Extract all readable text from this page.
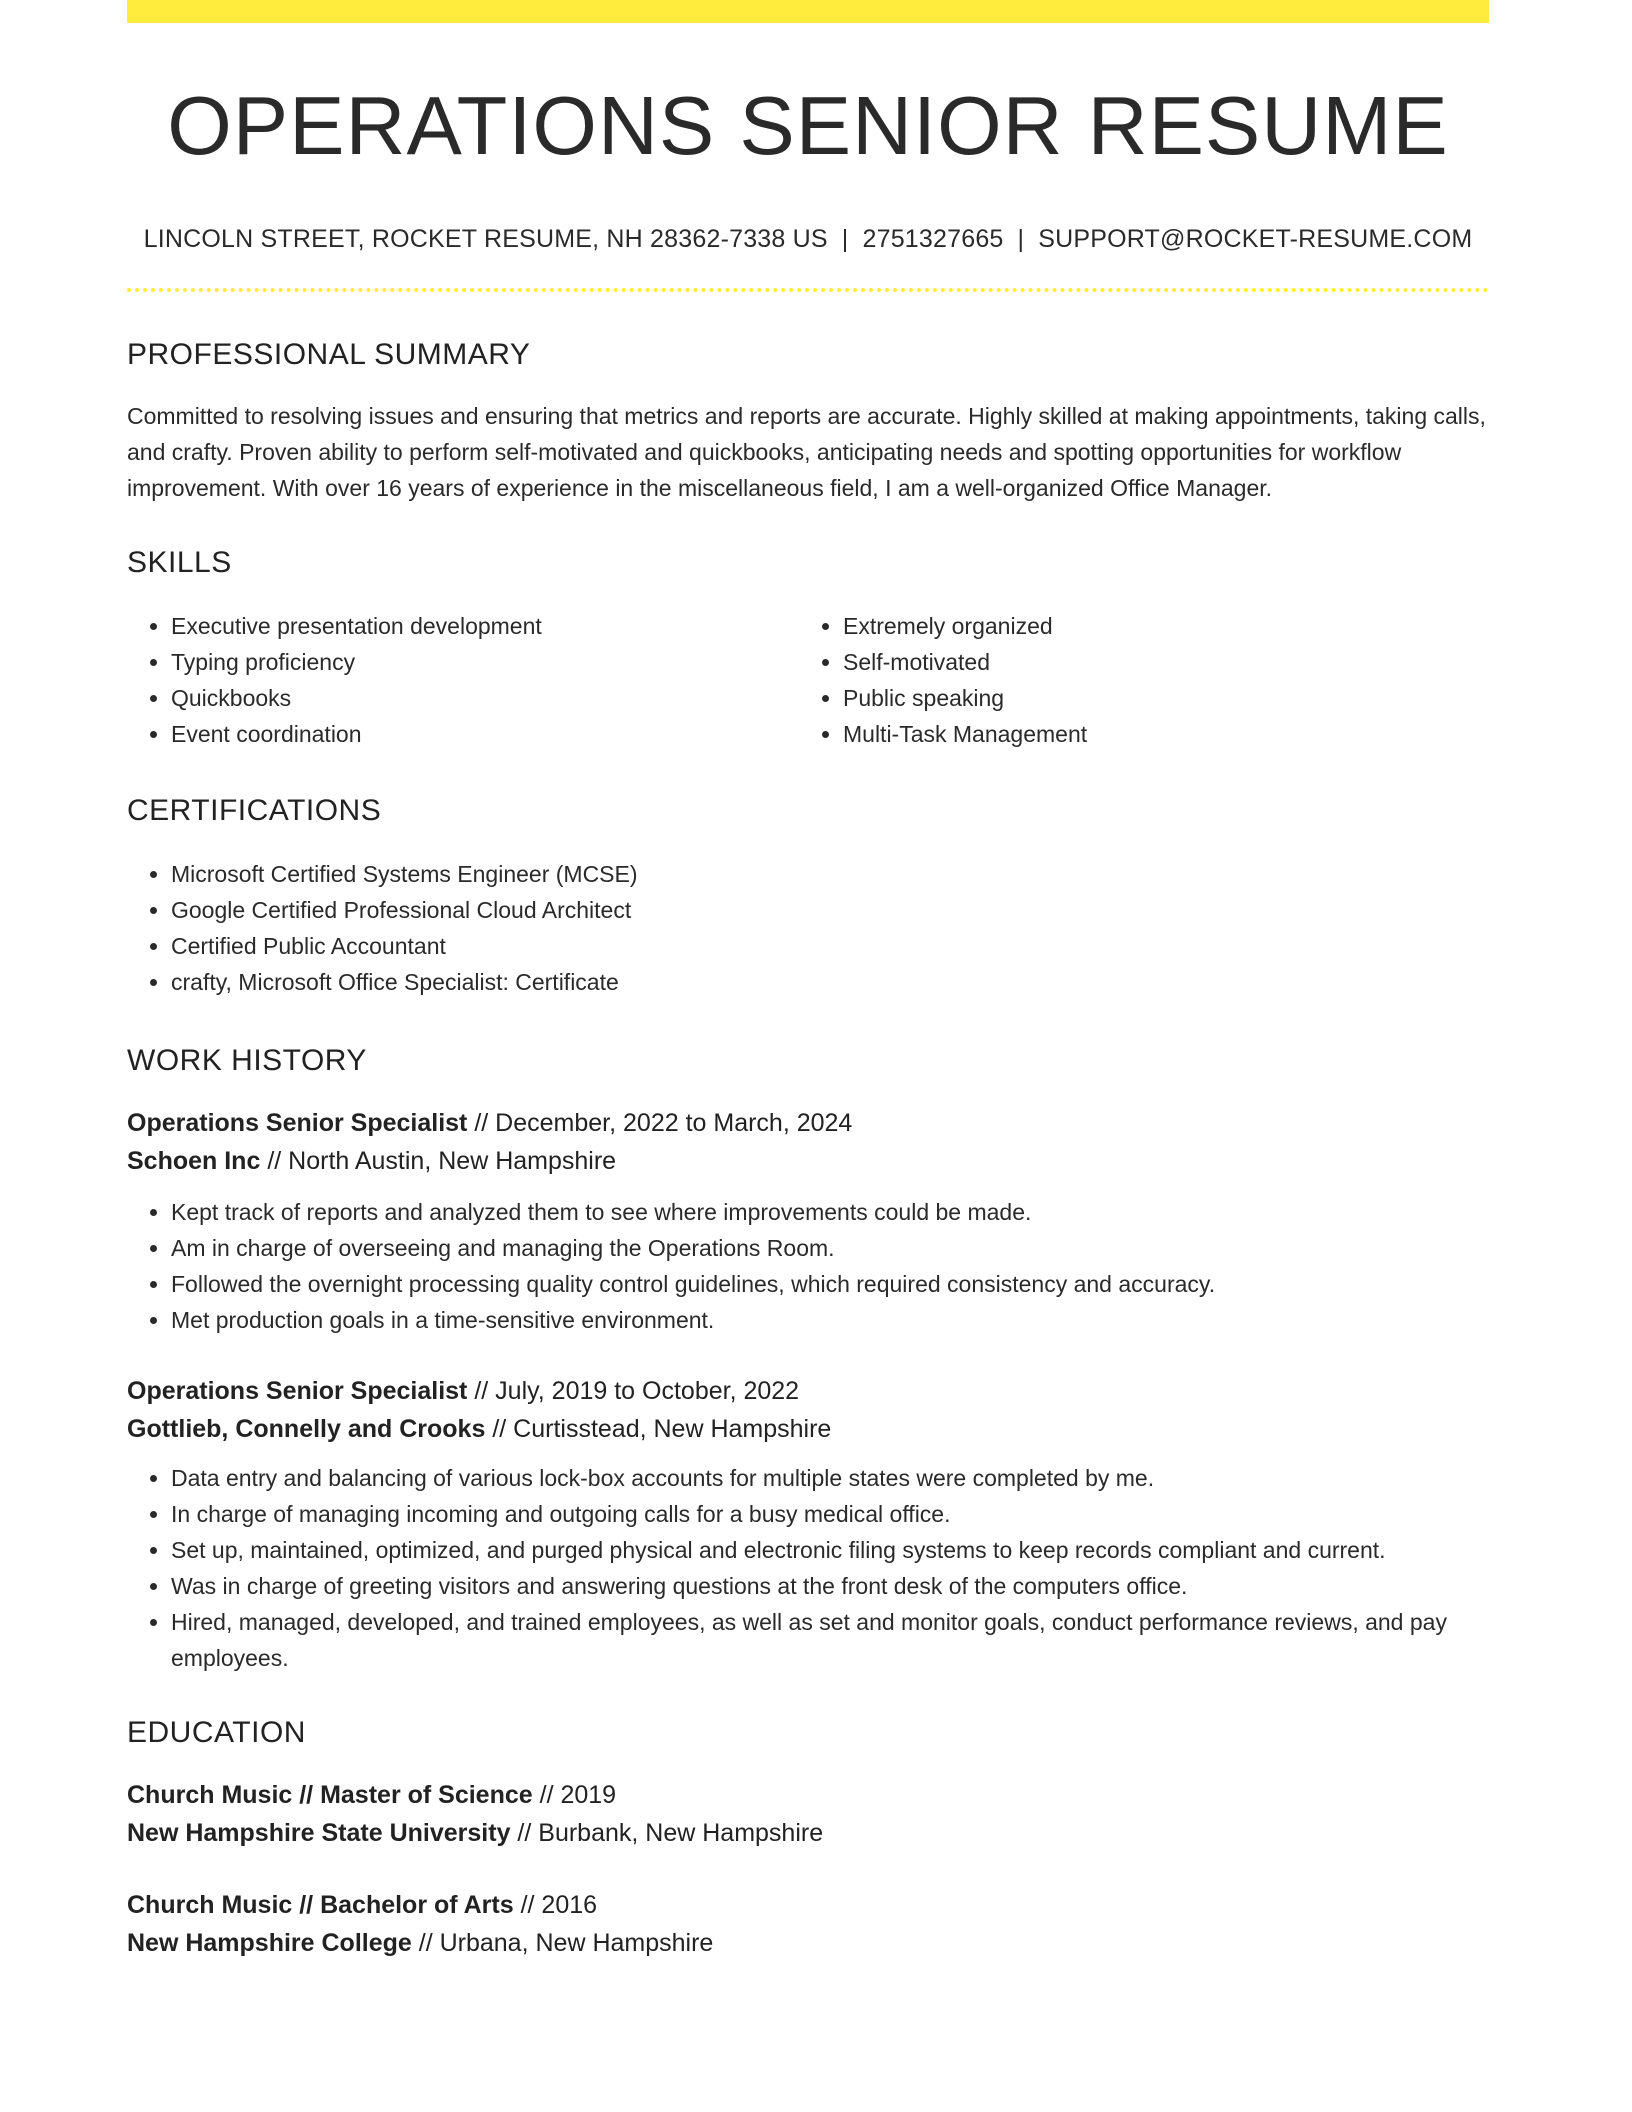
OPERATIONS SENIOR RESUME
LINCOLN STREET, ROCKET RESUME, NH 28362-7338 US | 2751327665 | SUPPORT@ROCKET-RESUME.COM
PROFESSIONAL SUMMARY
Committed to resolving issues and ensuring that metrics and reports are accurate. Highly skilled at making appointments, taking calls, and crafty. Proven ability to perform self-motivated and quickbooks, anticipating needs and spotting opportunities for workflow improvement. With over 16 years of experience in the miscellaneous field, I am a well-organized Office Manager.
SKILLS
• Executive presentation development
• Typing proficiency
• Quickbooks
• Event coordination
• Extremely organized
• Self-motivated
• Public speaking
• Multi-Task Management
CERTIFICATIONS
• Microsoft Certified Systems Engineer (MCSE)
• Google Certified Professional Cloud Architect
• Certified Public Accountant
• crafty, Microsoft Office Specialist: Certificate
WORK HISTORY
Operations Senior Specialist // December, 2022 to March, 2024
Schoen Inc // North Austin, New Hampshire
• Kept track of reports and analyzed them to see where improvements could be made.
• Am in charge of overseeing and managing the Operations Room.
• Followed the overnight processing quality control guidelines, which required consistency and accuracy.
• Met production goals in a time-sensitive environment.
Operations Senior Specialist // July, 2019 to October, 2022
Gottlieb, Connelly and Crooks // Curtisstead, New Hampshire
• Data entry and balancing of various lock-box accounts for multiple states were completed by me.
• In charge of managing incoming and outgoing calls for a busy medical office.
• Set up, maintained, optimized, and purged physical and electronic filing systems to keep records compliant and current.
• Was in charge of greeting visitors and answering questions at the front desk of the computers office.
• Hired, managed, developed, and trained employees, as well as set and monitor goals, conduct performance reviews, and pay employees.
EDUCATION
Church Music // Master of Science // 2019
New Hampshire State University // Burbank, New Hampshire
Church Music // Bachelor of Arts // 2016
New Hampshire College // Urbana, New Hampshire
